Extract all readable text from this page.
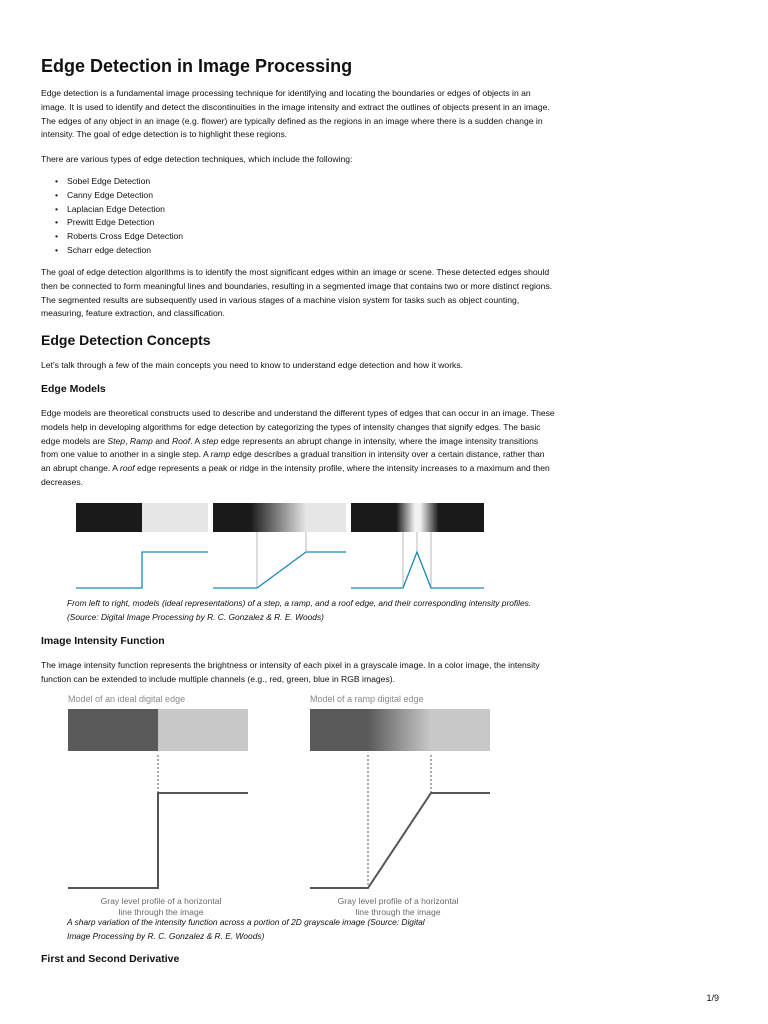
Edge Detection in Image Processing

Edge detection is a fundamental image processing technique for identifying and locating the boundaries or edges of objects in an image. It is used to identify and detect the discontinuities in the image intensity and extract the outlines of objects present in an image. The edges of any object in an image (e.g. flower) are typically defined as the regions in an image where there is a sudden change in intensity. The goal of edge detection is to highlight these regions.

There are various types of edge detection techniques, which include the following:

• Sobel Edge Detection
• Canny Edge Detection
• Laplacian Edge Detection
• Prewitt Edge Detection
• Roberts Cross Edge Detection
• Scharr edge detection

The goal of edge detection algorithms is to identify the most significant edges within an image or scene. These detected edges should then be connected to form meaningful lines and boundaries, resulting in a segmented image that contains two or more distinct regions. The segmented results are subsequently used in various stages of a machine vision system for tasks such as object counting, measuring, feature extraction, and classification.

Edge Detection Concepts

Let's talk through a few of the main concepts you need to know to understand edge detection and how it works.

Edge Models

Edge models are theoretical constructs used to describe and understand the different types of edges that can occur in an image. These models help in developing algorithms for edge detection by categorizing the types of intensity changes that signify edges. The basic edge models are Step, Ramp and Roof. A step edge represents an abrupt change in intensity, where the image intensity transitions from one value to another in a single step. A ramp edge describes a gradual transition in intensity over a certain distance, rather than an abrupt change. A roof edge represents a peak or ridge in the intensity profile, where the intensity increases to a maximum and then decreases.

Model of an ideal digital edge
Gray level profile of a horizontal
line through the image
Model of a ramp digital edge
Gray level profile of a horizontal
line through the image

From left to right, models (ideal representations) of a step, a ramp, and a roof edge, and their corresponding intensity profiles. (Source: Digital Image Processing by R. C. Gonzalez & R. E. Woods)

Image Intensity Function

The image intensity function represents the brightness or intensity of each pixel in a grayscale image. In a color image, the intensity function can be extended to include multiple channels (e.g., red, green, blue in RGB images).

A sharp variation of the intensity function across a portion of 2D grayscale image (Source: Digital Image Processing by R. C. Gonzalez & R. E. Woods)

First and Second Derivative
1/9
